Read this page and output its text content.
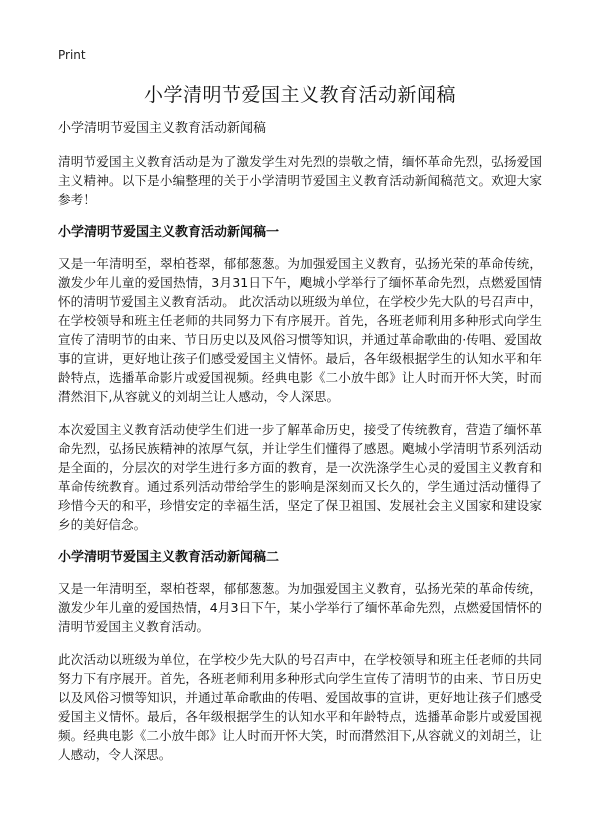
Print
小学清明节爱国主义教育活动新闻稿
小学清明节爱国主义教育活动新闻稿

清明节爱国主义教育活动是为了激发学生对先烈的崇敬之情，缅怀革命先烈，弘扬爱国主义精神。以下是小编整理的关于小学清明节爱国主义教育活动新闻稿范文。欢迎大家参考！

小学清明节爱国主义教育活动新闻稿一

又是一年清明至，翠柏苍翠，郁郁葱葱。为加强爱国主义教育，弘扬光荣的革命传统，激发少年儿童的爱国热情，3月31日下午，飑城小学举行了缅怀革命先烈，点燃爱国情怀的清明节爱国主义教育活动。 此次活动以班级为单位，在学校少先大队的号召声中，在学校领导和班主任老师的共同努力下有序展开。首先，各班老师利用多种形式向学生宣传了清明节的由来、节日历史以及风俗习惯等知识，并通过革命歌曲的·传唱、爱国故事的宣讲，更好地让孩子们感受爱国主义情怀。最后，各年级根据学生的认知水平和年龄特点，选播革命影片或爱国视频。经典电影《二小放牛郎》让人时而开怀大笑，时而潸然泪下,从容就义的刘胡兰让人感动，令人深思。

本次爱国主义教育活动使学生们进一步了解革命历史，接受了传统教育，营造了缅怀革命先烈，弘扬民族精神的浓厚气氛，并让学生们懂得了感恩。飑城小学清明节系列活动是全面的，分层次的对学生进行多方面的教育，是一次洗涤学生心灵的爱国主义教育和革命传统教育。通过系列活动带给学生的影响是深刻而又长久的，学生通过活动懂得了珍惜今天的和平，珍惜安定的幸福生活，坚定了保卫祖国、发展社会主义国家和建设家乡的美好信念。

小学清明节爱国主义教育活动新闻稿二

又是一年清明至，翠柏苍翠，郁郁葱葱。为加强爱国主义教育，弘扬光荣的革命传统，激发少年儿童的爱国热情，4月3日下午，某小学举行了缅怀革命先烈，点燃爱国情怀的清明节爱国主义教育活动。

此次活动以班级为单位，在学校少先大队的号召声中，在学校领导和班主任老师的共同努力下有序展开。首先，各班老师利用多种形式向学生宣传了清明节的由来、节日历史以及风俗习惯等知识，并通过革命歌曲的传唱、爱国故事的宣讲，更好地让孩子们感受爱国主义情怀。最后，各年级根据学生的认知水平和年龄特点，选播革命影片或爱国视频。经典电影《二小放牛郎》让人时而开怀大笑，时而潸然泪下,从容就义的刘胡兰，让人感动，令人深思。
